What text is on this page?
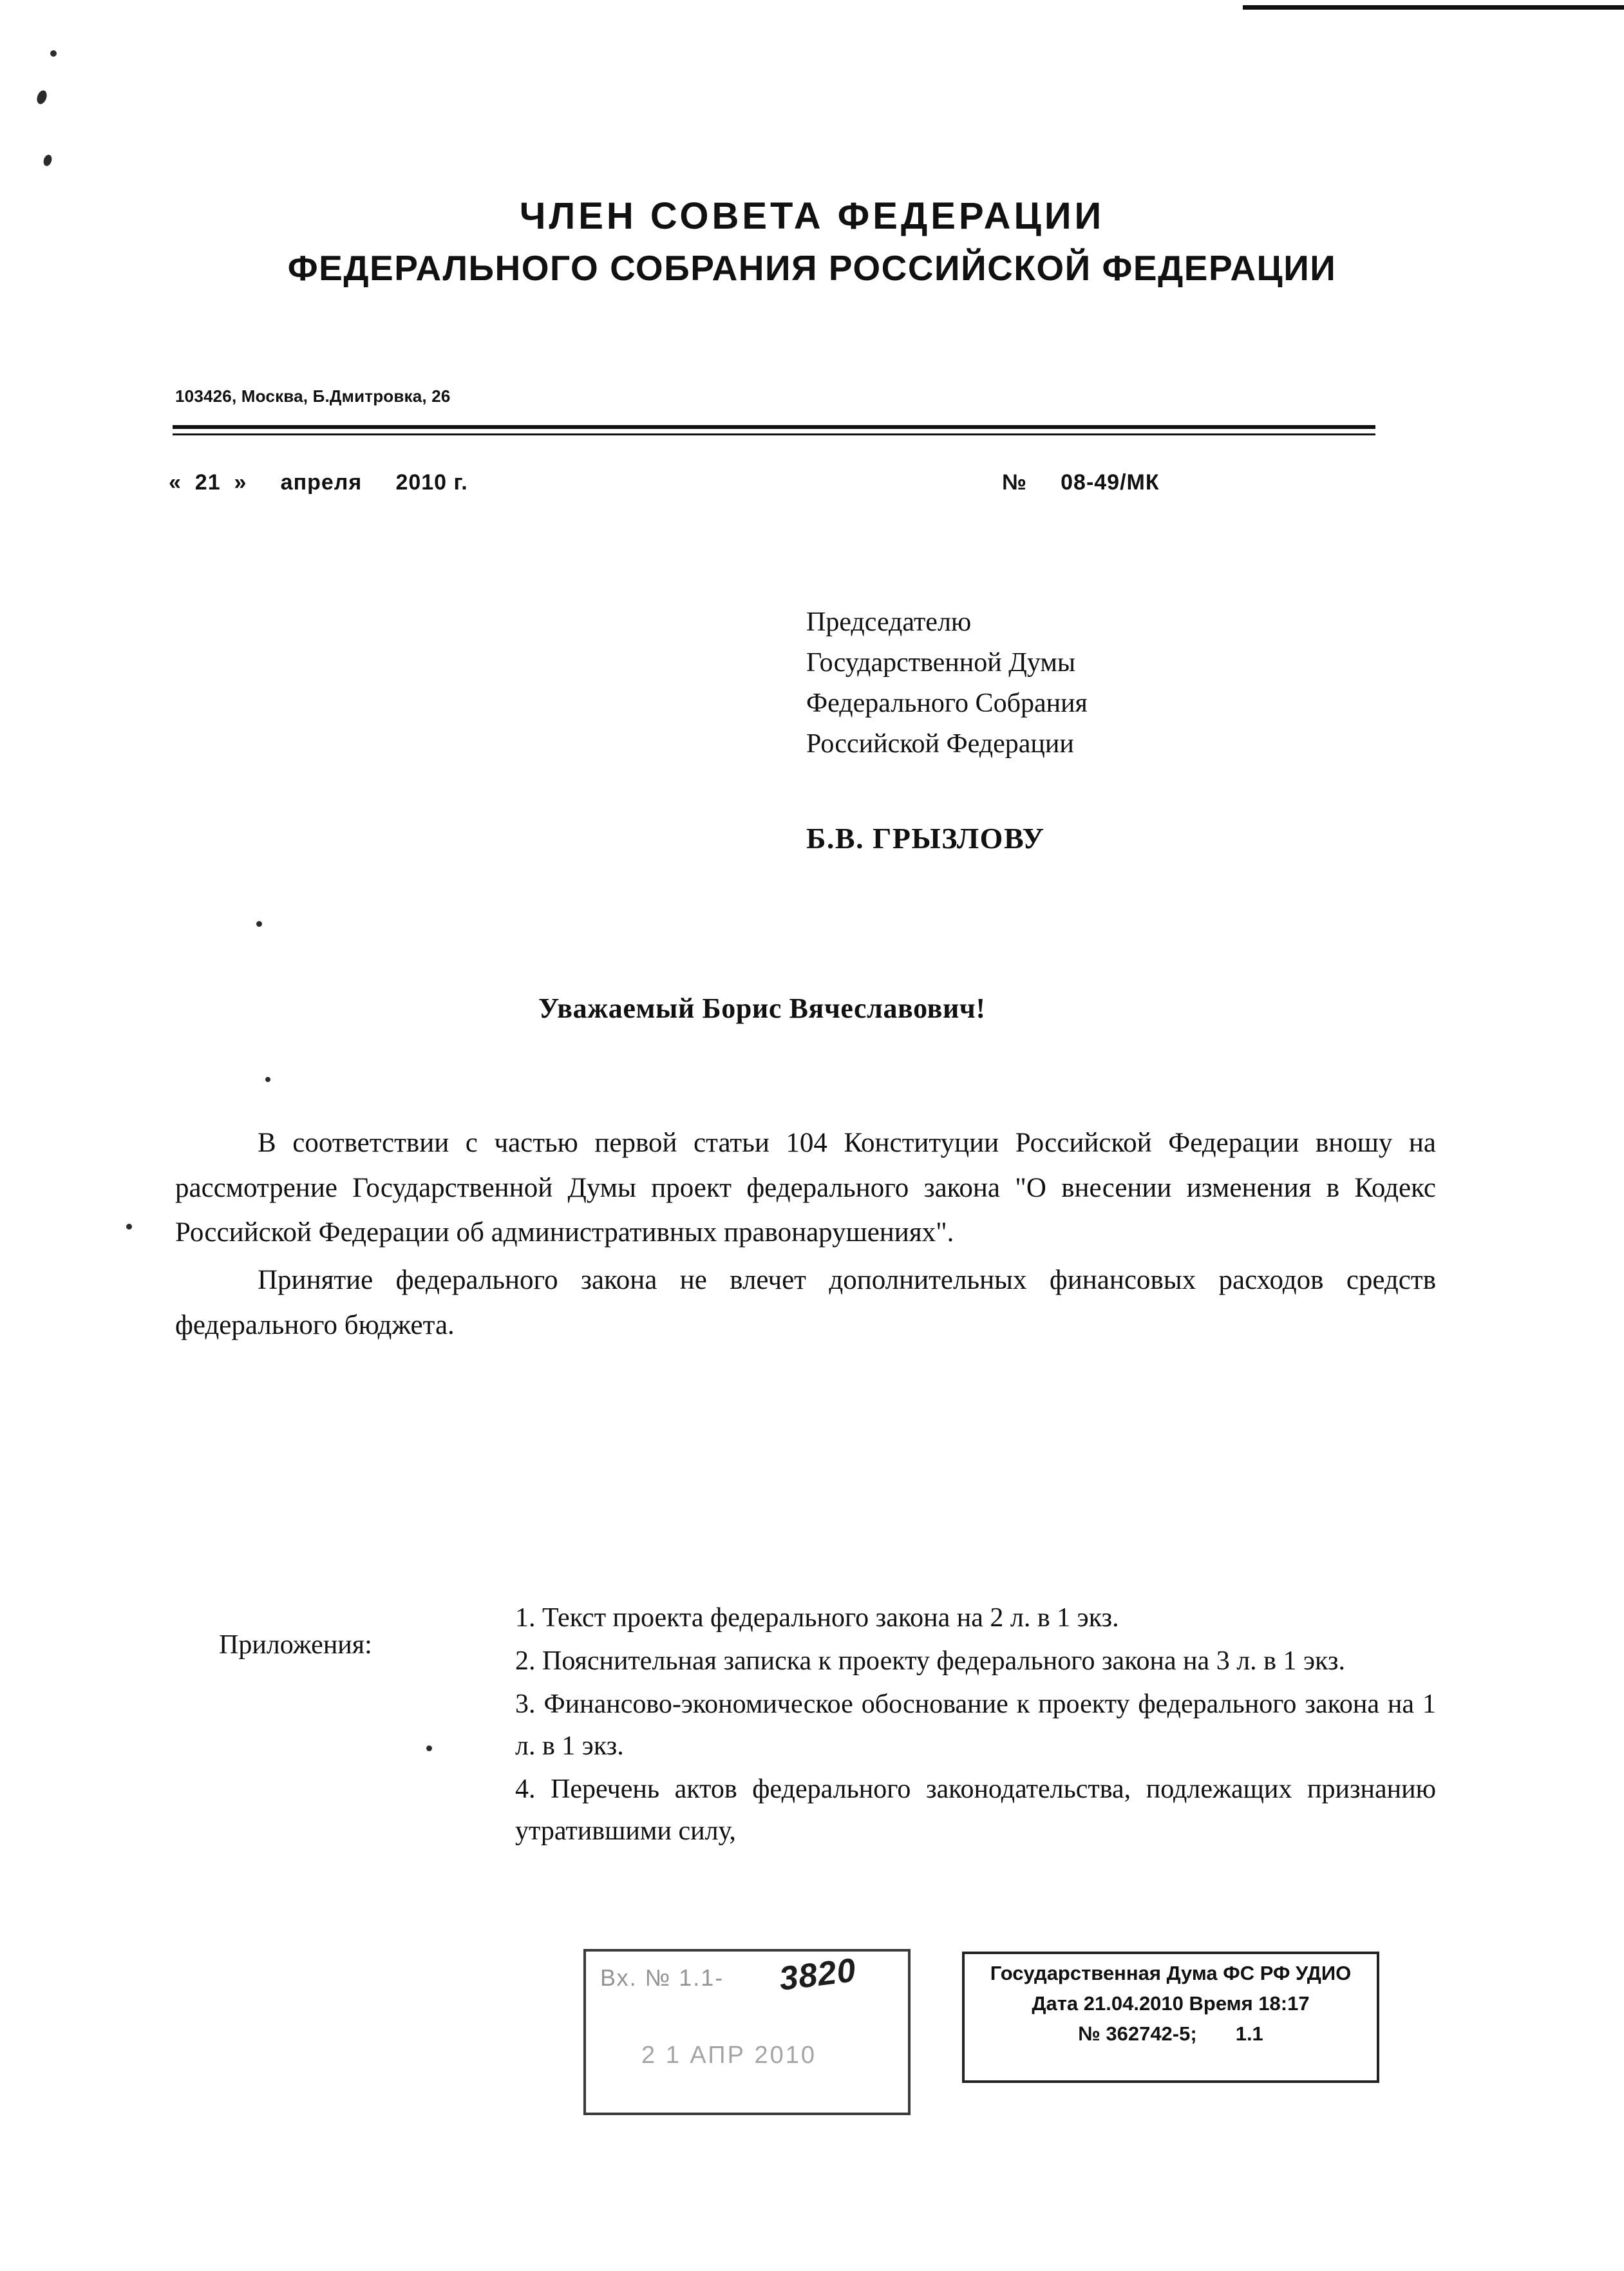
ЧЛЕН СОВЕТА ФЕДЕРАЦИИ
ФЕДЕРАЛЬНОГО СОБРАНИЯ РОССИЙСКОЙ ФЕДЕРАЦИИ
103426, Москва, Б.Дмитровка, 26
«  21  »     апреля     2010 г.	№     08-49/МК
Председателю
Государственной Думы
Федерального Собрания
Российской Федерации
Б.В. ГРЫЗЛОВУ
Уважаемый Борис Вячеславович!

В соответствии с частью первой статьи 104 Конституции Российской Федерации вношу на рассмотрение Государственной Думы проект федерального закона "О внесении изменения в Кодекс Российской Федерации об административных правонарушениях".

Принятие федерального закона не влечет дополнительных финансовых расходов средств федерального бюджета.

Приложения:
1. Текст проекта федерального закона на 2 л. в 1 экз.
2. Пояснительная записка к проекту федерального закона на 3 л. в 1 экз.
3. Финансово-экономическое обоснование к проекту федерального закона на 1 л. в 1 экз.
4. Перечень актов федерального законодательства, подлежащих признанию утратившими силу,
Вх. № 1.1- 3820
2 1 АПР 2010
Государственная Дума ФС РФ УДИО
Дата 21.04.2010 Время 18:17
№ 362742-5; 1.1
